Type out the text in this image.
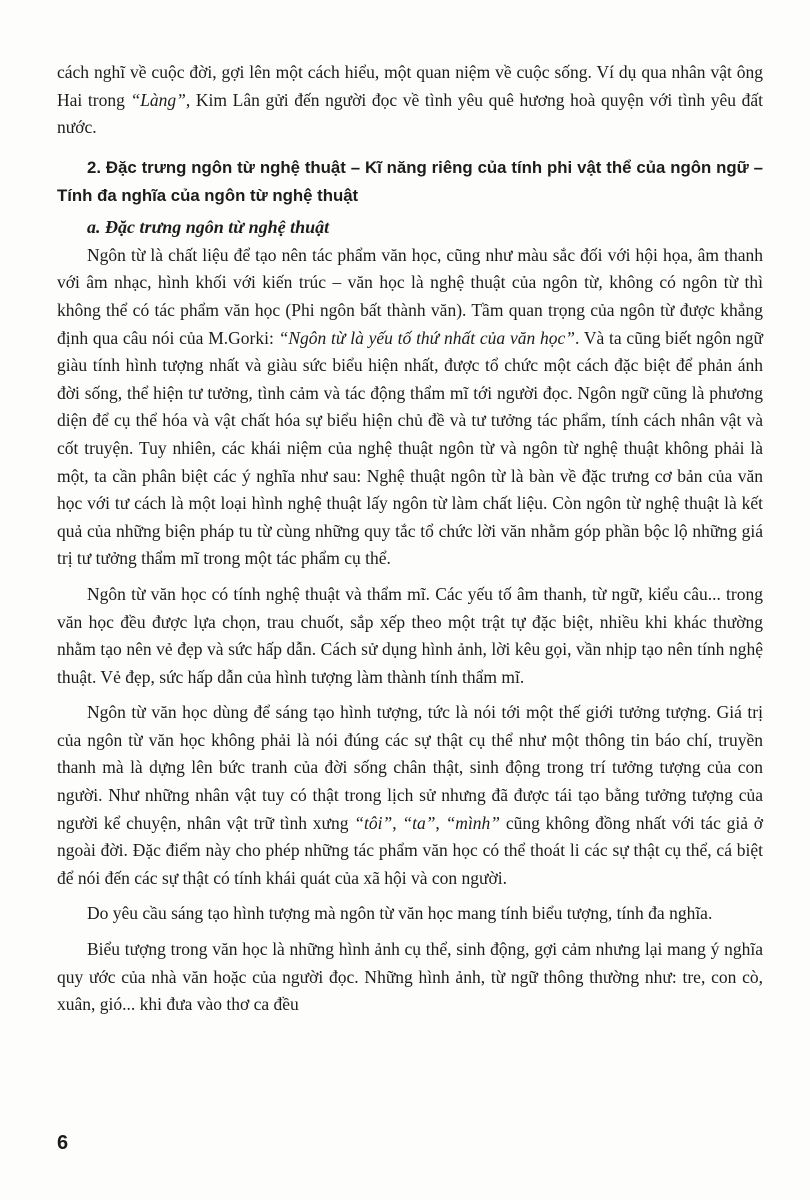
cách nghĩ về cuộc đời, gợi lên một cách hiểu, một quan niệm về cuộc sống. Ví dụ qua nhân vật ông Hai trong “Làng”, Kim Lân gửi đến người đọc về tình yêu quê hương hoà quyện với tình yêu đất nước.

2. Đặc trưng ngôn từ nghệ thuật – Kĩ năng riêng của tính phi vật thể của ngôn ngữ – Tính đa nghĩa của ngôn từ nghệ thuật
a. Đặc trưng ngôn từ nghệ thuật

Ngôn từ là chất liệu để tạo nên tác phẩm văn học, cũng như màu sắc đối với hội họa, âm thanh với âm nhạc, hình khối với kiến trúc – văn học là nghệ thuật của ngôn từ, không có ngôn từ thì không thể có tác phẩm văn học (Phi ngôn bất thành văn). Tầm quan trọng của ngôn từ được khẳng định qua câu nói của M.Gorki: “Ngôn từ là yếu tố thứ nhất của văn học”. Và ta cũng biết ngôn ngữ giàu tính hình tượng nhất và giàu sức biểu hiện nhất, được tổ chức một cách đặc biệt để phản ánh đời sống, thể hiện tư tưởng, tình cảm và tác động thẩm mĩ tới người đọc. Ngôn ngữ cũng là phương diện để cụ thể hóa và vật chất hóa sự biểu hiện chủ đề và tư tưởng tác phẩm, tính cách nhân vật và cốt truyện. Tuy nhiên, các khái niệm của nghệ thuật ngôn từ và ngôn từ nghệ thuật không phải là một, ta cần phân biệt các ý nghĩa như sau: Nghệ thuật ngôn từ là bàn về đặc trưng cơ bản của văn học với tư cách là một loại hình nghệ thuật lấy ngôn từ làm chất liệu. Còn ngôn từ nghệ thuật là kết quả của những biện pháp tu từ cùng những quy tắc tổ chức lời văn nhằm góp phần bộc lộ những giá trị tư tưởng thẩm mĩ trong một tác phẩm cụ thể.

Ngôn từ văn học có tính nghệ thuật và thẩm mĩ. Các yếu tố âm thanh, từ ngữ, kiểu câu... trong văn học đều được lựa chọn, trau chuốt, sắp xếp theo một trật tự đặc biệt, nhiều khi khác thường nhằm tạo nên vẻ đẹp và sức hấp dẫn. Cách sử dụng hình ảnh, lời kêu gọi, vần nhịp tạo nên tính nghệ thuật. Vẻ đẹp, sức hấp dẫn của hình tượng làm thành tính thẩm mĩ.

Ngôn từ văn học dùng để sáng tạo hình tượng, tức là nói tới một thế giới tưởng tượng. Giá trị của ngôn từ văn học không phải là nói đúng các sự thật cụ thể như một thông tin báo chí, truyền thanh mà là dựng lên bức tranh của đời sống chân thật, sinh động trong trí tưởng tượng của con người. Như những nhân vật tuy có thật trong lịch sử nhưng đã được tái tạo bằng tưởng tượng của người kể chuyện, nhân vật trữ tình xưng “tôi”, “ta”, “mình” cũng không đồng nhất với tác giả ở ngoài đời. Đặc điểm này cho phép những tác phẩm văn học có thể thoát li các sự thật cụ thể, cá biệt để nói đến các sự thật có tính khái quát của xã hội và con người.

Do yêu cầu sáng tạo hình tượng mà ngôn từ văn học mang tính biểu tượng, tính đa nghĩa.

Biểu tượng trong văn học là những hình ảnh cụ thể, sinh động, gợi cảm nhưng lại mang ý nghĩa quy ước của nhà văn hoặc của người đọc. Những hình ảnh, từ ngữ thông thường như: tre, con cò, xuân, gió... khi đưa vào thơ ca đều

6
